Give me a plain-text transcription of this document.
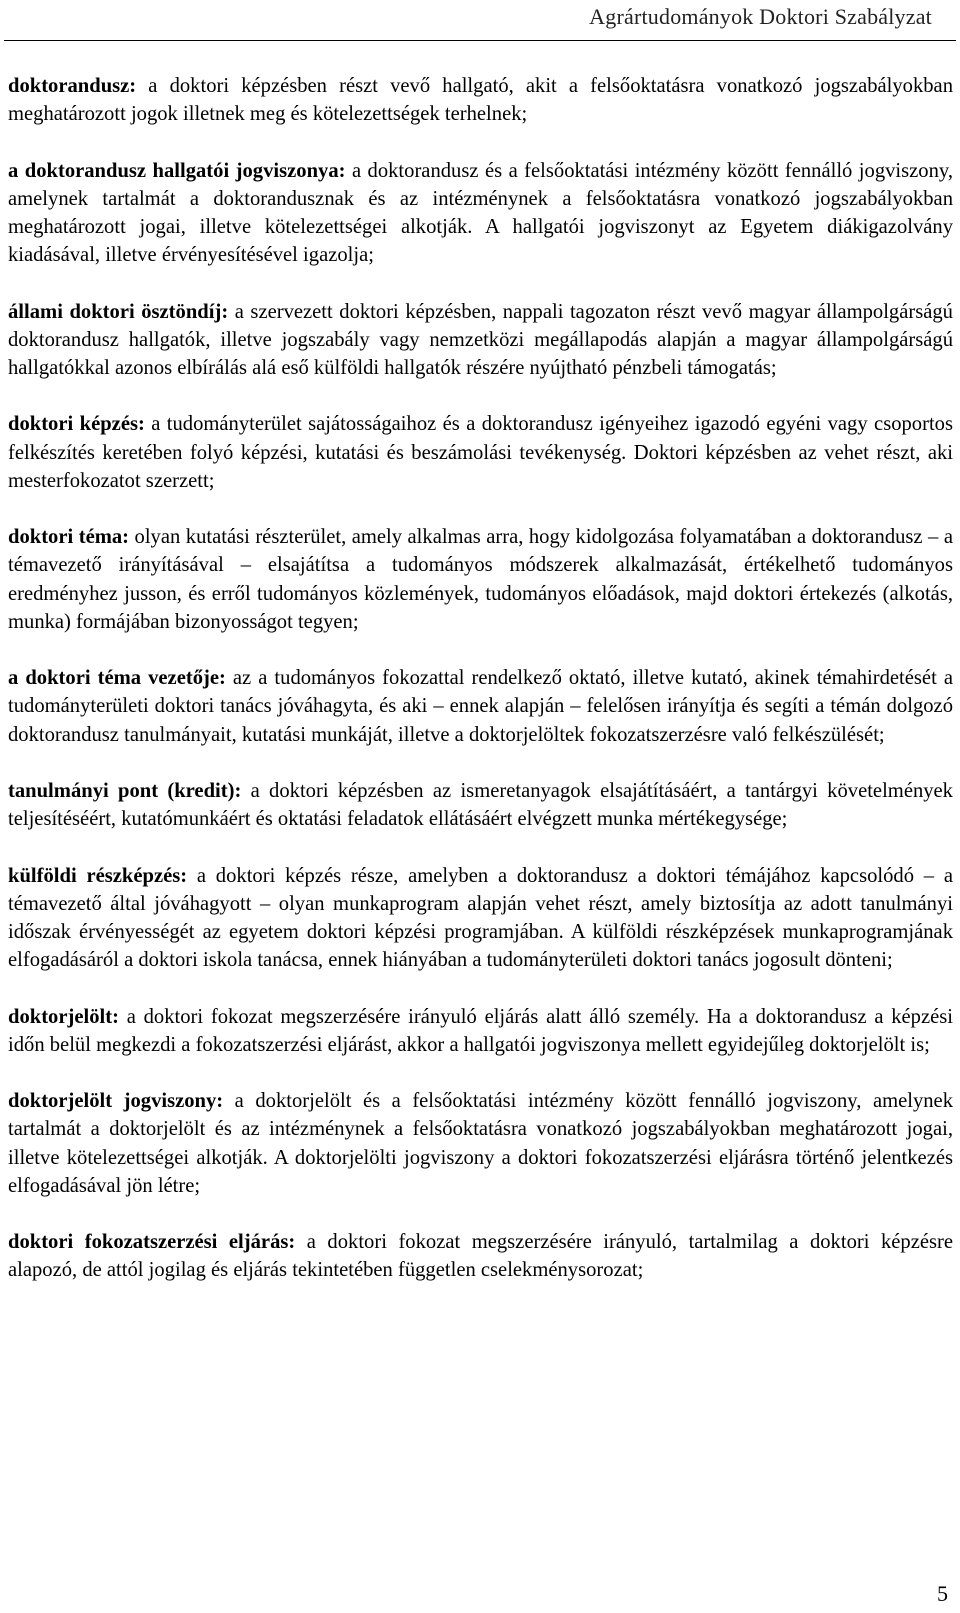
Agrártudományok Doktori Szabályzat

doktorandusz: a doktori képzésben részt vevő hallgató, akit a felsőoktatásra vonatkozó jogszabályokban meghatározott jogok illetnek meg és kötelezettségek terhelnek;

a doktorandusz hallgatói jogviszonya: a doktorandusz és a felsőoktatási intézmény között fennálló jogviszony, amelynek tartalmát a doktorandusznak és az intézménynek a felsőoktatásra vonatkozó jogszabályokban meghatározott jogai, illetve kötelezettségei alkotják. A hallgatói jogviszonyt az Egyetem diákigazolvány kiadásával, illetve érvényesítésével igazolja;

állami doktori ösztöndíj: a szervezett doktori képzésben, nappali tagozaton részt vevő magyar állampolgárságú doktorandusz hallgatók, illetve jogszabály vagy nemzetközi megállapodás alapján a magyar állampolgárságú hallgatókkal azonos elbírálás alá eső külföldi hallgatók részére nyújtható pénzbeli támogatás;

doktori képzés: a tudományterület sajátosságaihoz és a doktorandusz igényeihez igazodó egyéni vagy csoportos felkészítés keretében folyó képzési, kutatási és beszámolási tevékenység. Doktori képzésben az vehet részt, aki mesterfokozatot szerzett;

doktori téma: olyan kutatási részterület, amely alkalmas arra, hogy kidolgozása folyamatában a doktorandusz – a témavezető irányításával – elsajátítsa a tudományos módszerek alkalmazását, értékelhető tudományos eredményhez jusson, és erről tudományos közlemények, tudományos előadások, majd doktori értekezés (alkotás, munka) formájában bizonyosságot tegyen;

a doktori téma vezetője: az a tudományos fokozattal rendelkező oktató, illetve kutató, akinek témahirdetését a tudományterületi doktori tanács jóváhagyta, és aki – ennek alapján – felelősen irányítja és segíti a témán dolgozó doktorandusz tanulmányait, kutatási munkáját, illetve a doktorjelöltek fokozatszerzésre való felkészülését;

tanulmányi pont (kredit): a doktori képzésben az ismeretanyagok elsajátításáért, a tantárgyi követelmények teljesítéséért, kutatómunkáért és oktatási feladatok ellátásáért elvégzett munka mértékegysége;

külföldi részképzés: a doktori képzés része, amelyben a doktorandusz a doktori témájához kapcsolódó – a témavezető által jóváhagyott – olyan munkaprogram alapján vehet részt, amely biztosítja az adott tanulmányi időszak érvényességét az egyetem doktori képzési programjában. A külföldi részképzések munkaprogramjának elfogadásáról a doktori iskola tanácsa, ennek hiányában a tudományterületi doktori tanács jogosult dönteni;

doktorjelölt: a doktori fokozat megszerzésére irányuló eljárás alatt álló személy. Ha a doktorandusz a képzési időn belül megkezdi a fokozatszerzési eljárást, akkor a hallgatói jogviszonya mellett egyidejűleg doktorjelölt is;

doktorjelölt jogviszony: a doktorjelölt és a felsőoktatási intézmény között fennálló jogviszony, amelynek tartalmát a doktorjelölt és az intézménynek a felsőoktatásra vonatkozó jogszabályokban meghatározott jogai, illetve kötelezettségei alkotják. A doktorjelölti jogviszony a doktori fokozatszerzési eljárásra történő jelentkezés elfogadásával jön létre;

doktori fokozatszerzési eljárás: a doktori fokozat megszerzésére irányuló, tartalmilag a doktori képzésre alapozó, de attól jogilag és eljárás tekintetében független cselekménysorozat;

5
